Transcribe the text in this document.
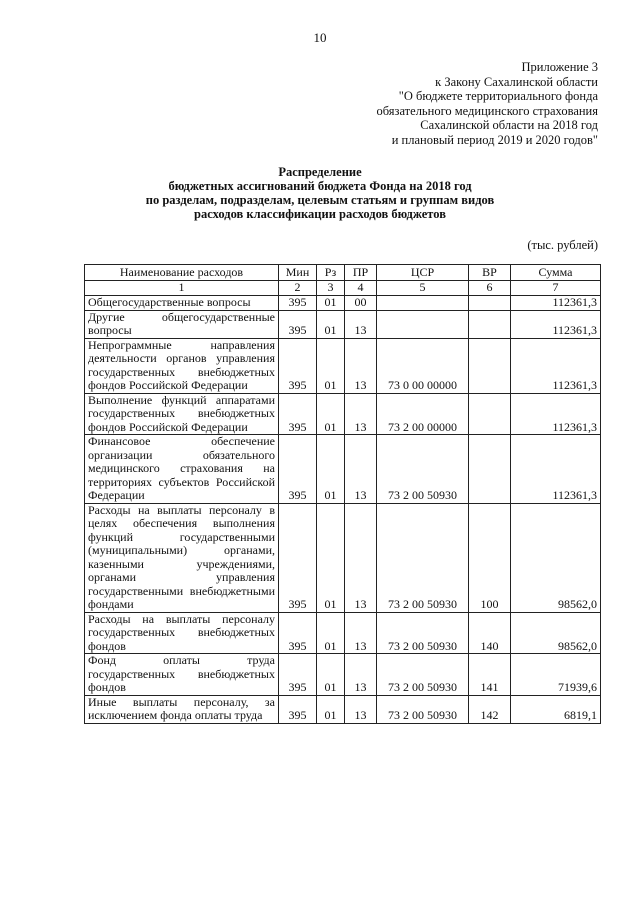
10
Приложение 3
к Закону Сахалинской области
"О бюджете территориального фонда
обязательного медицинского страхования
Сахалинской области на 2018 год
и плановый период 2019 и 2020 годов"
Распределение
бюджетных ассигнований бюджета Фонда на 2018 год
по разделам, подразделам, целевым статьям и группам видов
расходов классификации расходов бюджетов
(тыс. рублей)
Наименование расходов	Мин	Рз	ПР	ЦСР	ВР	Сумма
1	2	3	4	5	6	7
Общегосударственные вопросы	395	01	00			112361,3
Другие общегосударственные вопросы	395	01	13			112361,3
Непрограммные направления деятельности органов управления государственных внебюджетных фондов Российской Федерации	395	01	13	73 0 00 00000		112361,3
Выполнение функций аппаратами государственных внебюджетных фондов Российской Федерации	395	01	13	73 2 00 00000		112361,3
Финансовое обеспечение организации обязательного медицинского страхования на территориях субъектов Российской Федерации	395	01	13	73 2 00 50930		112361,3
Расходы на выплаты персоналу в целях обеспечения выполнения функций государственными (муниципальными) органами, казенными учреждениями, органами управления государственными внебюджетными фондами	395	01	13	73 2 00 50930	100	98562,0
Расходы на выплаты персоналу государственных внебюджетных фондов	395	01	13	73 2 00 50930	140	98562,0
Фонд оплаты труда государственных внебюджетных фондов	395	01	13	73 2 00 50930	141	71939,6
Иные выплаты персоналу, за исключением фонда оплаты труда	395	01	13	73 2 00 50930	142	6819,1
